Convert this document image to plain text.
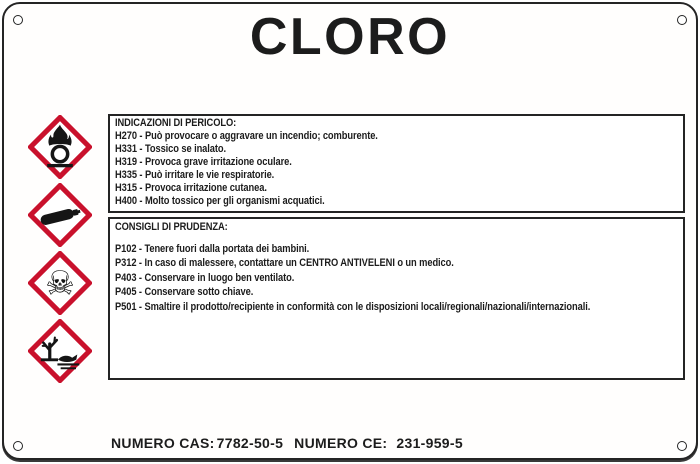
CLORO
☠
INDICAZIONI DI PERICOLO:
H270 - Può provocare o aggravare un incendio; comburente.
H331 - Tossico se inalato.
H319 - Provoca grave irritazione oculare.
H335 - Può irritare le vie respiratorie.
H315 - Provoca irritazione cutanea.
H400 - Molto tossico per gli organismi acquatici.
CONSIGLI DI PRUDENZA:
P102 - Tenere fuori dalla portata dei bambini.
P312 - In caso di malessere, contattare un CENTRO ANTIVELENI o un medico.
P403 - Conservare in luogo ben ventilato.
P405 - Conservare sotto chiave.
P501 - Smaltire il prodotto/recipiente in conformità con le disposizioni locali/regionali/nazionali/internazionali.
NUMERO CAS: 7782-50-5 NUMERO CE: 231-959-5
